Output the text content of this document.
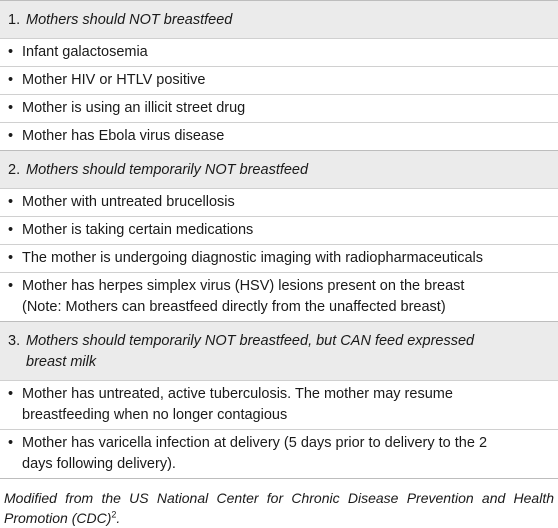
1. Mothers should NOT breastfeed
• Infant galactosemia
• Mother HIV or HTLV positive
• Mother is using an illicit street drug
• Mother has Ebola virus disease
2. Mothers should temporarily NOT breastfeed
• Mother with untreated brucellosis
• Mother is taking certain medications
• The mother is undergoing diagnostic imaging with radiopharmaceuticals
• Mother has herpes simplex virus (HSV) lesions present on the breast
(Note: Mothers can breastfeed directly from the unaffected breast)
3. Mothers should temporarily NOT breastfeed, but CAN feed expressed
breast milk
• Mother has untreated, active tuberculosis. The mother may resume
breastfeeding when no longer contagious
• Mother has varicella infection at delivery (5 days prior to delivery to the 2
days following delivery).
Modified from the US National Center for Chronic Disease Prevention and Health Promotion (CDC)$^2$.
